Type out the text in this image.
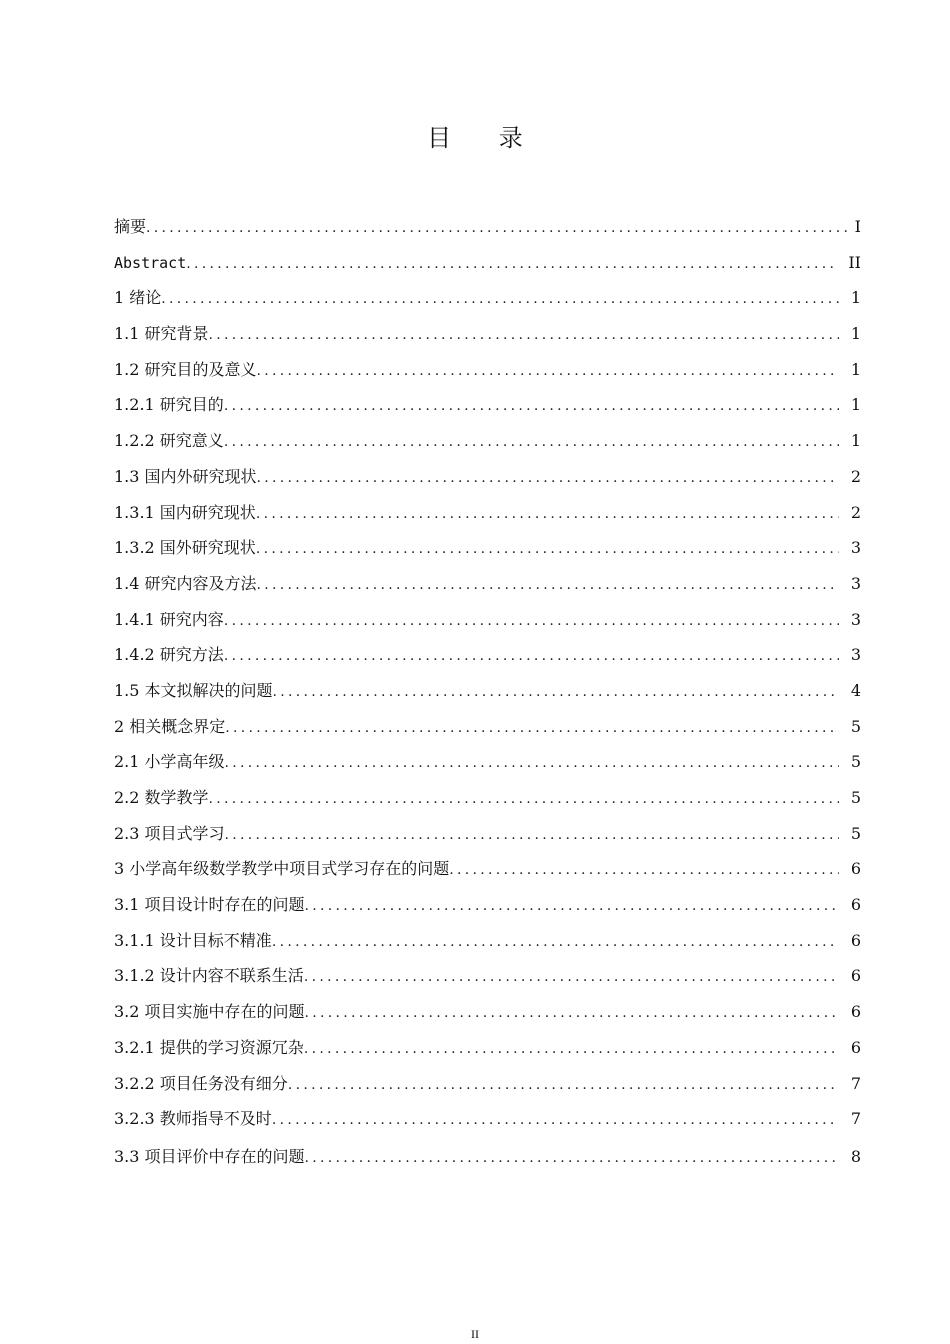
目 录
摘要 .....	I
Abstract .....	II
1 绪论 .....	1
1.1 研究背景 .....	1
1.2 研究目的及意义 .....	1
1.2.1 研究目的 .....	1
1.2.2 研究意义 .....	1
1.3 国内外研究现状 .....	2
1.3.1 国内研究现状 .....	2
1.3.2 国外研究现状 .....	3
1.4 研究内容及方法 .....	3
1.4.1 研究内容 .....	3
1.4.2 研究方法 .....	3
1.5 本文拟解决的问题 .....	4
2 相关概念界定 .....	5
2.1 小学高年级 .....	5
2.2 数学教学 .....	5
2.3 项目式学习 .....	5
3 小学高年级数学教学中项目式学习存在的问题 .....	6
3.1 项目设计时存在的问题 .....	6
3.1.1 设计目标不精准 .....	6
3.1.2 设计内容不联系生活 .....	6
3.2 项目实施中存在的问题 .....	6
3.2.1 提供的学习资源冗杂 .....	6
3.2.2 项目任务没有细分 .....	7
3.2.3 教师指导不及时 .....	7
3.3 项目评价中存在的问题 .....	8
II
